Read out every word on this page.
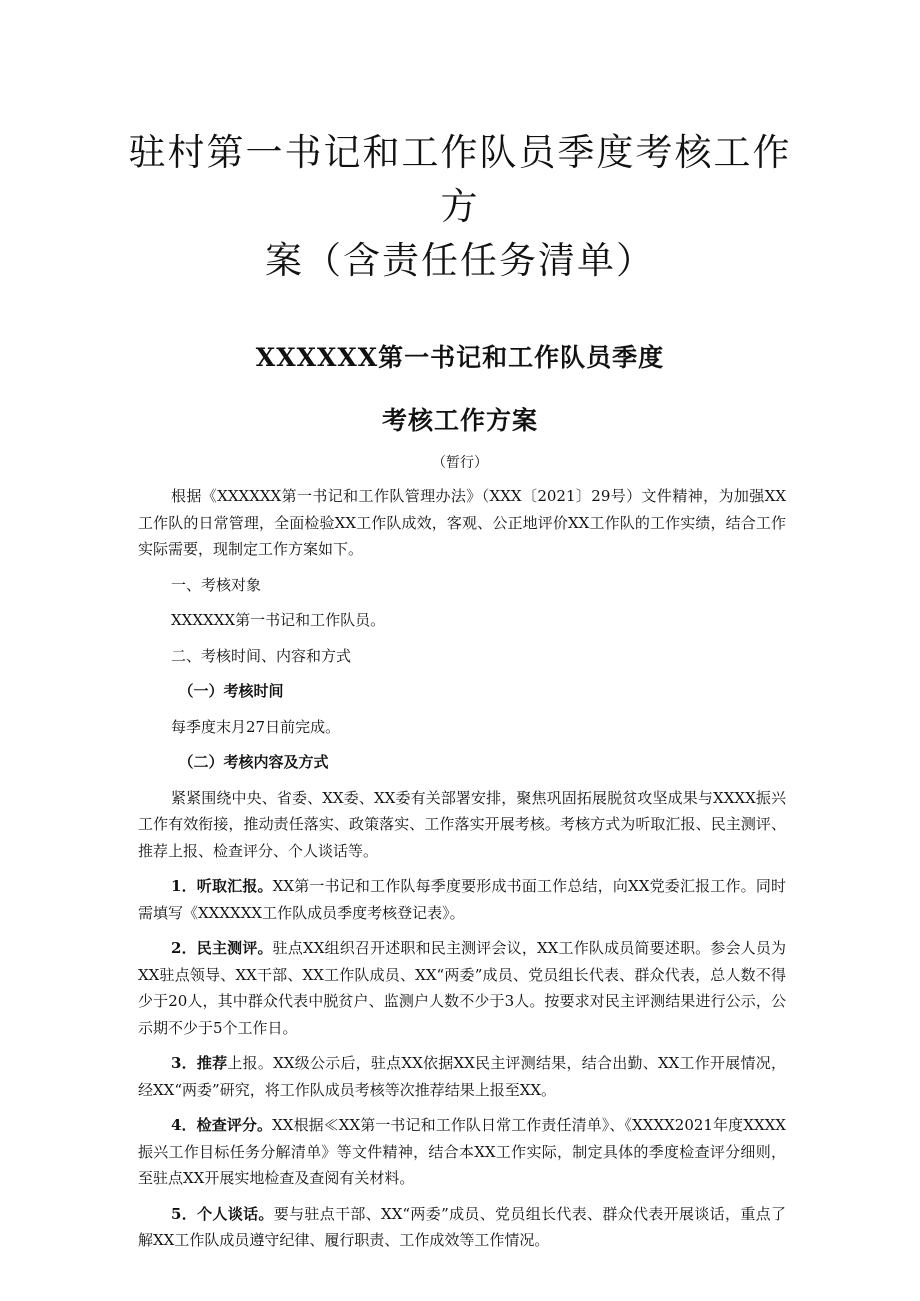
驻村第一书记和工作队员季度考核工作方
案（含责任任务清单）
XXXXXX第一书记和工作队员季度
考核工作方案

（暂行）

根据《XXXXXX第一书记和工作队管理办法》（XXX〔2021〕29号）文件精神，为加强XX工作队的日常管理，全面检验XX工作队成效，客观、公正地评价XX工作队的工作实绩，结合工作实际需要，现制定工作方案如下。

一、考核对象

XXXXXX第一书记和工作队员。

二、考核时间、内容和方式

（一）考核时间

每季度末月27日前完成。

（二）考核内容及方式

紧紧围绕中央、省委、XX委、XX委有关部署安排，聚焦巩固拓展脱贫攻坚成果与XXXX振兴工作有效衔接，推动责任落实、政策落实、工作落实开展考核。考核方式为听取汇报、民主测评、推荐上报、检查评分、个人谈话等。

1．听取汇报。XX第一书记和工作队每季度要形成书面工作总结，向XX党委汇报工作。同时需填写《XXXXXX工作队成员季度考核登记表》。

2．民主测评。驻点XX组织召开述职和民主测评会议，XX工作队成员简要述职。参会人员为XX驻点领导、XX干部、XX工作队成员、XX“两委”成员、党员组长代表、群众代表，总人数不得少于20人，其中群众代表中脱贫户、监测户人数不少于3人。按要求对民主评测结果进行公示，公示期不少于5个工作日。

3．推荐上报。XX级公示后，驻点XX依据XX民主评测结果，结合出勤、XX工作开展情况，经XX“两委”研究，将工作队成员考核等次推荐结果上报至XX。

4．检查评分。XX根据≪XX第一书记和工作队日常工作责任清单》、《XXXX2021年度XXXX振兴工作目标任务分解清单》等文件精神，结合本XX工作实际，制定具体的季度检查评分细则，至驻点XX开展实地检查及查阅有关材料。

5．个人谈话。要与驻点干部、XX“两委”成员、党员组长代表、群众代表开展谈话，重点了解XX工作队成员遵守纪律、履行职责、工作成效等工作情况。
